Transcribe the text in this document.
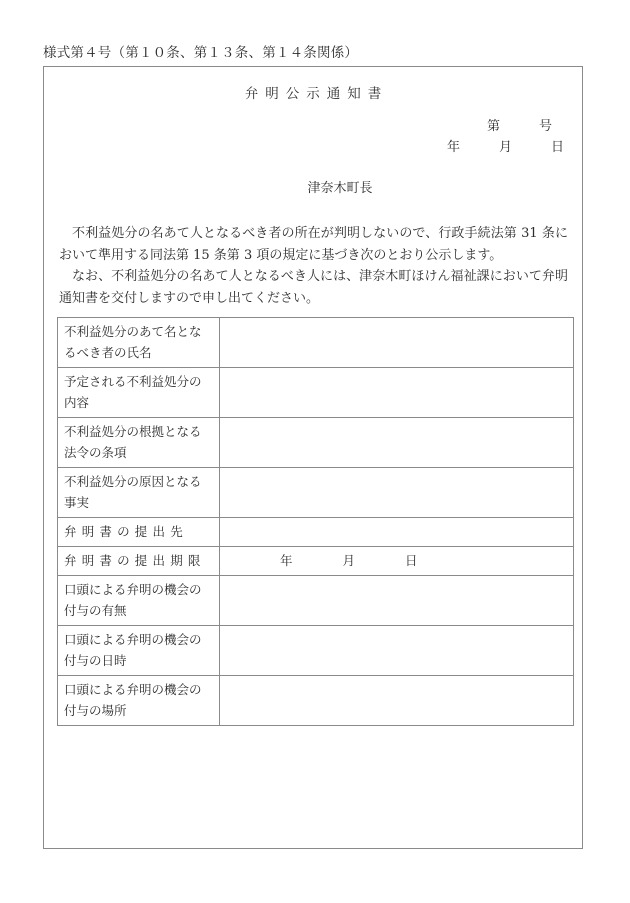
様式第４号（第１０条、第１３条、第１４条関係）
弁明公示通知書
第　　　号
年　　　月　　　日
津奈木町長

不利益処分の名あて人となるべき者の所在が判明しないので、行政手続法第 31 条において準用する同法第 15 条第 3 項の規定に基づき次のとおり公示します。

なお、不利益処分の名あて人となるべき人には、津奈木町ほけん福祉課において弁明通知書を交付しますので申し出てください。

不利益処分のあて名となるべき者の氏名	
予定される不利益処分の内容	
不利益処分の根拠となる法令の条項	
不利益処分の原因となる事実	
弁明書の提出先	
弁明書の提出期限	年　　　　月　　　　日
口頭による弁明の機会の付与の有無	
口頭による弁明の機会の付与の日時	
口頭による弁明の機会の付与の場所	
